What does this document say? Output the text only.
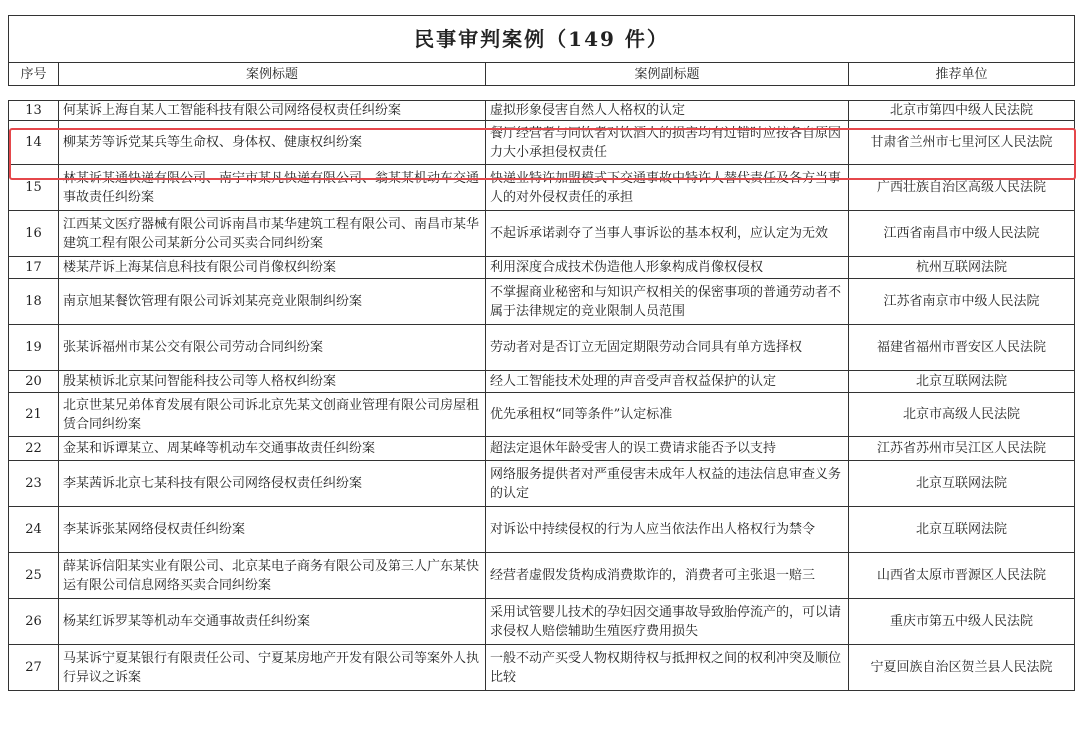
民事审判案例（149 件）			
序号	案例标题	案例副标题	推荐单位

13	何某诉上海自某人工智能科技有限公司网络侵权责任纠纷案	虚拟形象侵害自然人人格权的认定	北京市第四中级人民法院
14	柳某芳等诉党某兵等生命权、身体权、健康权纠纷案	餐厅经营者与同饮者对饮酒人的损害均有过错时应按各自原因力大小承担侵权责任	甘肃省兰州市七里河区人民法院
15	林某诉某通快递有限公司、南宁市某凡快递有限公司、翁某某机动车交通事故责任纠纷案	快递业特许加盟模式下交通事故中特许人替代责任及各方当事人的对外侵权责任的承担	广西壮族自治区高级人民法院
16	江西某文医疗器械有限公司诉南昌市某华建筑工程有限公司、南昌市某华建筑工程有限公司某新分公司买卖合同纠纷案	不起诉承诺剥夺了当事人事诉讼的基本权利，应认定为无效	江西省南昌市中级人民法院
17	楼某芹诉上海某信息科技有限公司肖像权纠纷案	利用深度合成技术伪造他人形象构成肖像权侵权	杭州互联网法院
18	南京旭某餐饮管理有限公司诉刘某亮竞业限制纠纷案	不掌握商业秘密和与知识产权相关的保密事项的普通劳动者不属于法律规定的竞业限制人员范围	江苏省南京市中级人民法院
19	张某诉福州市某公交有限公司劳动合同纠纷案	劳动者对是否订立无固定期限劳动合同具有单方选择权	福建省福州市晋安区人民法院
20	殷某桢诉北京某问智能科技公司等人格权纠纷案	经人工智能技术处理的声音受声音权益保护的认定	北京互联网法院
21	北京世某兄弟体育发展有限公司诉北京先某文创商业管理有限公司房屋租赁合同纠纷案	优先承租权“同等条件”认定标准	北京市高级人民法院
22	金某和诉谭某立、周某峰等机动车交通事故责任纠纷案	超法定退休年龄受害人的误工费请求能否予以支持	江苏省苏州市吴江区人民法院
23	李某茜诉北京七某科技有限公司网络侵权责任纠纷案	网络服务提供者对严重侵害未成年人权益的违法信息审查义务的认定	北京互联网法院
24	李某诉张某网络侵权责任纠纷案	对诉讼中持续侵权的行为人应当依法作出人格权行为禁令	北京互联网法院
25	薛某诉信阳某实业有限公司、北京某电子商务有限公司及第三人广东某快运有限公司信息网络买卖合同纠纷案	经营者虚假发货构成消费欺诈的，消费者可主张退一赔三	山西省太原市晋源区人民法院
26	杨某红诉罗某等机动车交通事故责任纠纷案	采用试管婴儿技术的孕妇因交通事故导致胎停流产的，可以请求侵权人赔偿辅助生殖医疗费用损失	重庆市第五中级人民法院
27	马某诉宁夏某银行有限责任公司、宁夏某房地产开发有限公司等案外人执行异议之诉案	一般不动产买受人物权期待权与抵押权之间的权利冲突及顺位比较	宁夏回族自治区贺兰县人民法院
